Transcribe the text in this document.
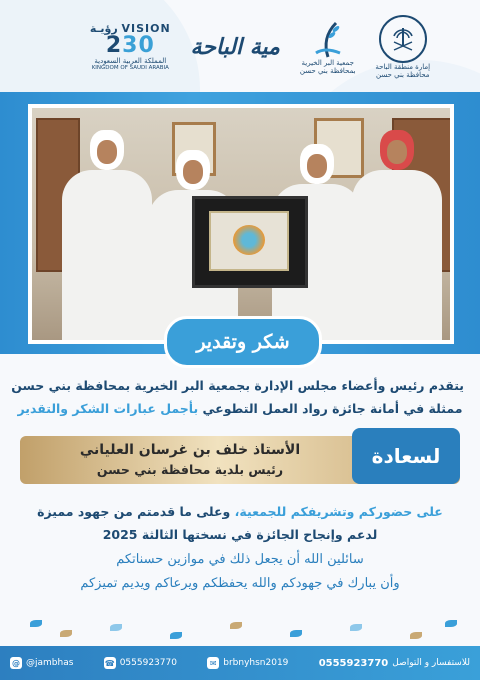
رؤيـة VISION
230
المملكة العربية السعودية
KINGDOM OF SAUDI ARABIA
مية الباحة
جمعية البر الخيرية
بمحافظة بني حسن
إمارة منطقة الباحة
محافظة بني حسن
شكر وتقدير
يتقدم رئيس وأعضاء مجلس الإدارة بجمعية البر الخيرية بمحافظة بني حسن
ممثلة في أمانة جائزة رواد العمل التطوعي بأجمل عبارات الشكر والتقدير
لسعادة
الأستاذ خلف بن غرسان العلياني
رئيس بلدية محافظة بني حسن
على حضوركم وتشريفكم للجمعية، وعلى ما قدمتم من جهود مميزة
لدعم وإنجاح الجائزة في نسختها الثالثة 2025
سائلين الله أن يجعل ذلك في موازين حسناتكم
وأن يبارك في جهودكم والله يحفظكم ويرعاكم ويديم تميزكم
@ @jambhas	☎ 0555923770	✉ brbnyhsn2019	للاستفسار و التواصل
0555923770
